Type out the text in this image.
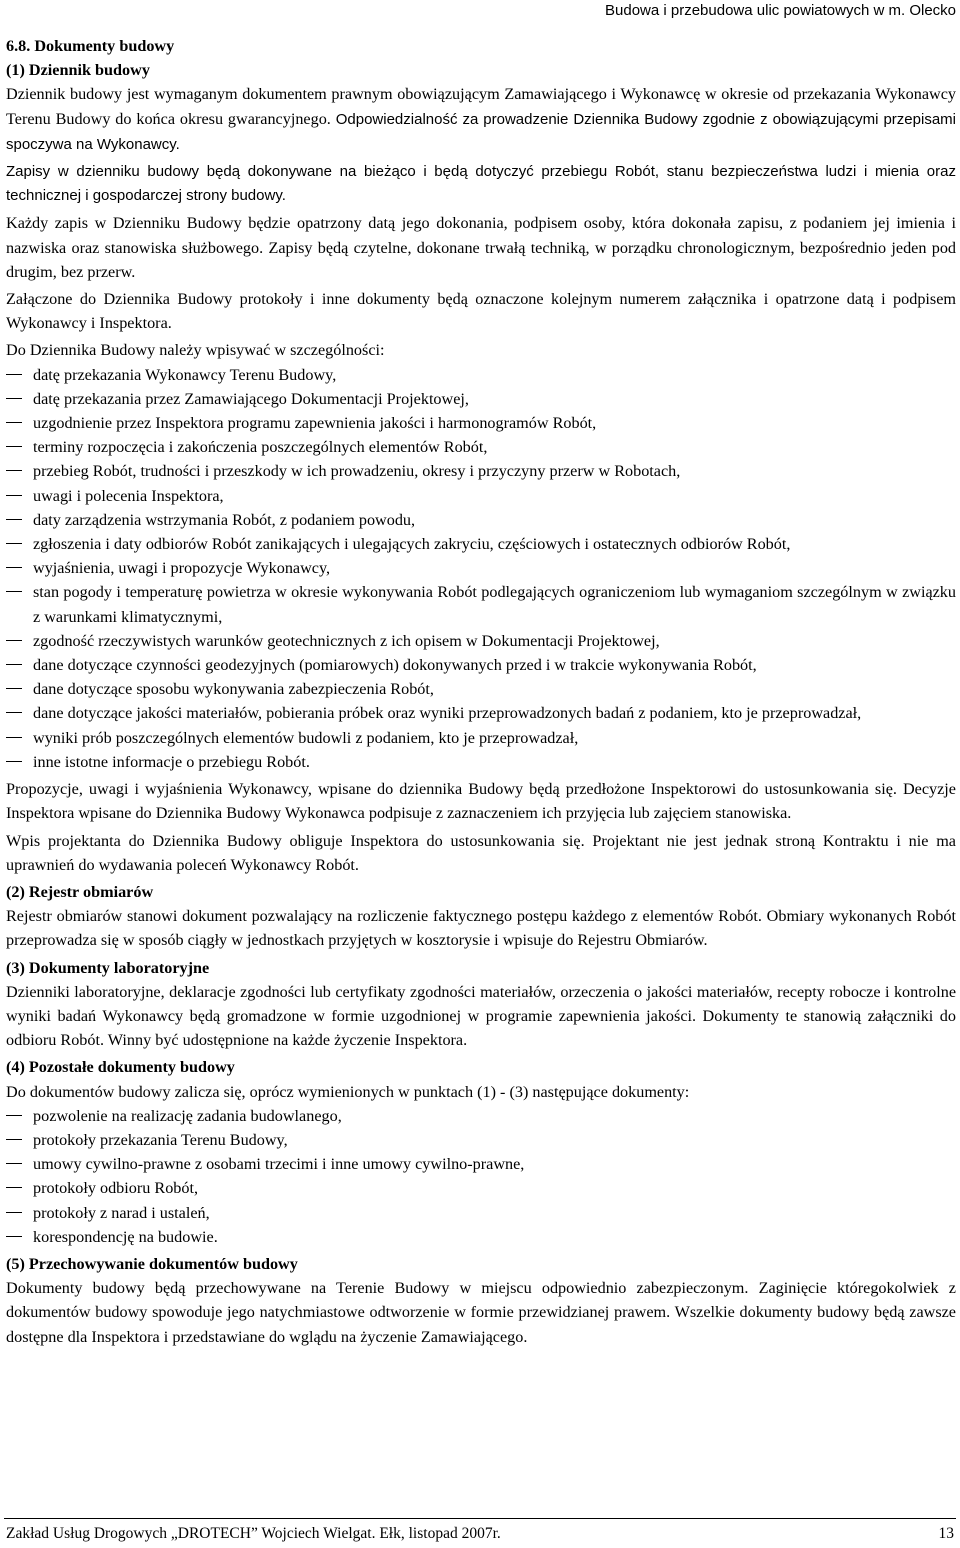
Budowa i przebudowa ulic powiatowych w m. Olecko
6.8. Dokumenty budowy
(1) Dziennik budowy

Dziennik budowy jest wymaganym dokumentem prawnym obowiązującym Zamawiającego i Wykonawcę w okresie od przekazania Wykonawcy Terenu Budowy do końca okresu gwarancyjnego. Odpowiedzialność za prowadzenie Dziennika Budowy zgodnie z obowiązującymi przepisami spoczywa na Wykonawcy.

Zapisy w dzienniku budowy będą dokonywane na bieżąco i będą dotyczyć przebiegu Robót, stanu bezpieczeństwa ludzi i mienia oraz technicznej i gospodarczej strony budowy.

Każdy zapis w Dzienniku Budowy będzie opatrzony datą jego dokonania, podpisem osoby, która dokonała zapisu, z podaniem jej imienia i nazwiska oraz stanowiska służbowego. Zapisy będą czytelne, dokonane trwałą techniką, w porządku chronologicznym, bezpośrednio jeden pod drugim, bez przerw.

Załączone do Dziennika Budowy protokoły i inne dokumenty będą oznaczone kolejnym numerem załącznika i opatrzone datą i podpisem Wykonawcy i Inspektora.

Do Dziennika Budowy należy wpisywać w szczególności:
datę przekazania Wykonawcy Terenu Budowy,
datę przekazania przez Zamawiającego Dokumentacji Projektowej,
uzgodnienie przez Inspektora programu zapewnienia jakości i harmonogramów Robót,
terminy rozpoczęcia i zakończenia poszczególnych elementów Robót,
przebieg Robót, trudności i przeszkody w ich prowadzeniu, okresy i przyczyny przerw w Robotach,
uwagi i polecenia Inspektora,
daty zarządzenia wstrzymania Robót, z podaniem powodu,
zgłoszenia i daty odbiorów Robót zanikających i ulegających zakryciu, częściowych i ostatecznych odbiorów Robót,
wyjaśnienia, uwagi i propozycje Wykonawcy,
stan pogody i temperaturę powietrza w okresie wykonywania Robót podlegających ograniczeniom lub wymaganiom szczególnym w związku z warunkami klimatycznymi,
zgodność rzeczywistych warunków geotechnicznych z ich opisem w Dokumentacji Projektowej,
dane dotyczące czynności geodezyjnych (pomiarowych) dokonywanych przed i w trakcie wykonywania Robót,
dane dotyczące sposobu wykonywania zabezpieczenia Robót,
dane dotyczące jakości materiałów, pobierania próbek oraz wyniki przeprowadzonych badań z podaniem, kto je przeprowadzał,
wyniki prób poszczególnych elementów budowli z podaniem, kto je przeprowadzał,
inne istotne informacje o przebiegu Robót.

Propozycje, uwagi i wyjaśnienia Wykonawcy, wpisane do dziennika Budowy będą przedłożone Inspektorowi do ustosunkowania się. Decyzje Inspektora wpisane do Dziennika Budowy Wykonawca podpisuje z zaznaczeniem ich przyjęcia lub zajęciem stanowiska.

Wpis projektanta do Dziennika Budowy obliguje Inspektora do ustosunkowania się. Projektant nie jest jednak stroną Kontraktu i nie ma uprawnień do wydawania poleceń Wykonawcy Robót.

(2) Rejestr obmiarów

Rejestr obmiarów stanowi dokument pozwalający na rozliczenie faktycznego postępu każdego z elementów Robót. Obmiary wykonanych Robót przeprowadza się w sposób ciągły w jednostkach przyjętych w kosztorysie i wpisuje do Rejestru Obmiarów.

(3) Dokumenty laboratoryjne

Dzienniki laboratoryjne, deklaracje zgodności lub certyfikaty zgodności materiałów, orzeczenia o jakości materiałów, recepty robocze i kontrolne wyniki badań Wykonawcy będą gromadzone w formie uzgodnionej w programie zapewnienia jakości. Dokumenty te stanowią załączniki do odbioru Robót. Winny być udostępnione na każde życzenie Inspektora.

(4) Pozostałe dokumenty budowy
Do dokumentów budowy zalicza się, oprócz wymienionych w punktach (1) - (3) następujące dokumenty:
pozwolenie na realizację zadania budowlanego,
protokoły przekazania Terenu Budowy,
umowy cywilno-prawne z osobami trzecimi i inne umowy cywilno-prawne,
protokoły odbioru Robót,
protokoły z narad i ustaleń,
korespondencję na budowie.
(5) Przechowywanie dokumentów budowy

Dokumenty budowy będą przechowywane na Terenie Budowy w miejscu odpowiednio zabezpieczonym. Zaginięcie któregokolwiek z dokumentów budowy spowoduje jego natychmiastowe odtworzenie w formie przewidzianej prawem. Wszelkie dokumenty budowy będą zawsze dostępne dla Inspektora i przedstawiane do wglądu na życzenie Zamawiającego.

Zakład Usług Drogowych „DROTECH” Wojciech Wielgat. Ełk, listopad 2007r.	13
